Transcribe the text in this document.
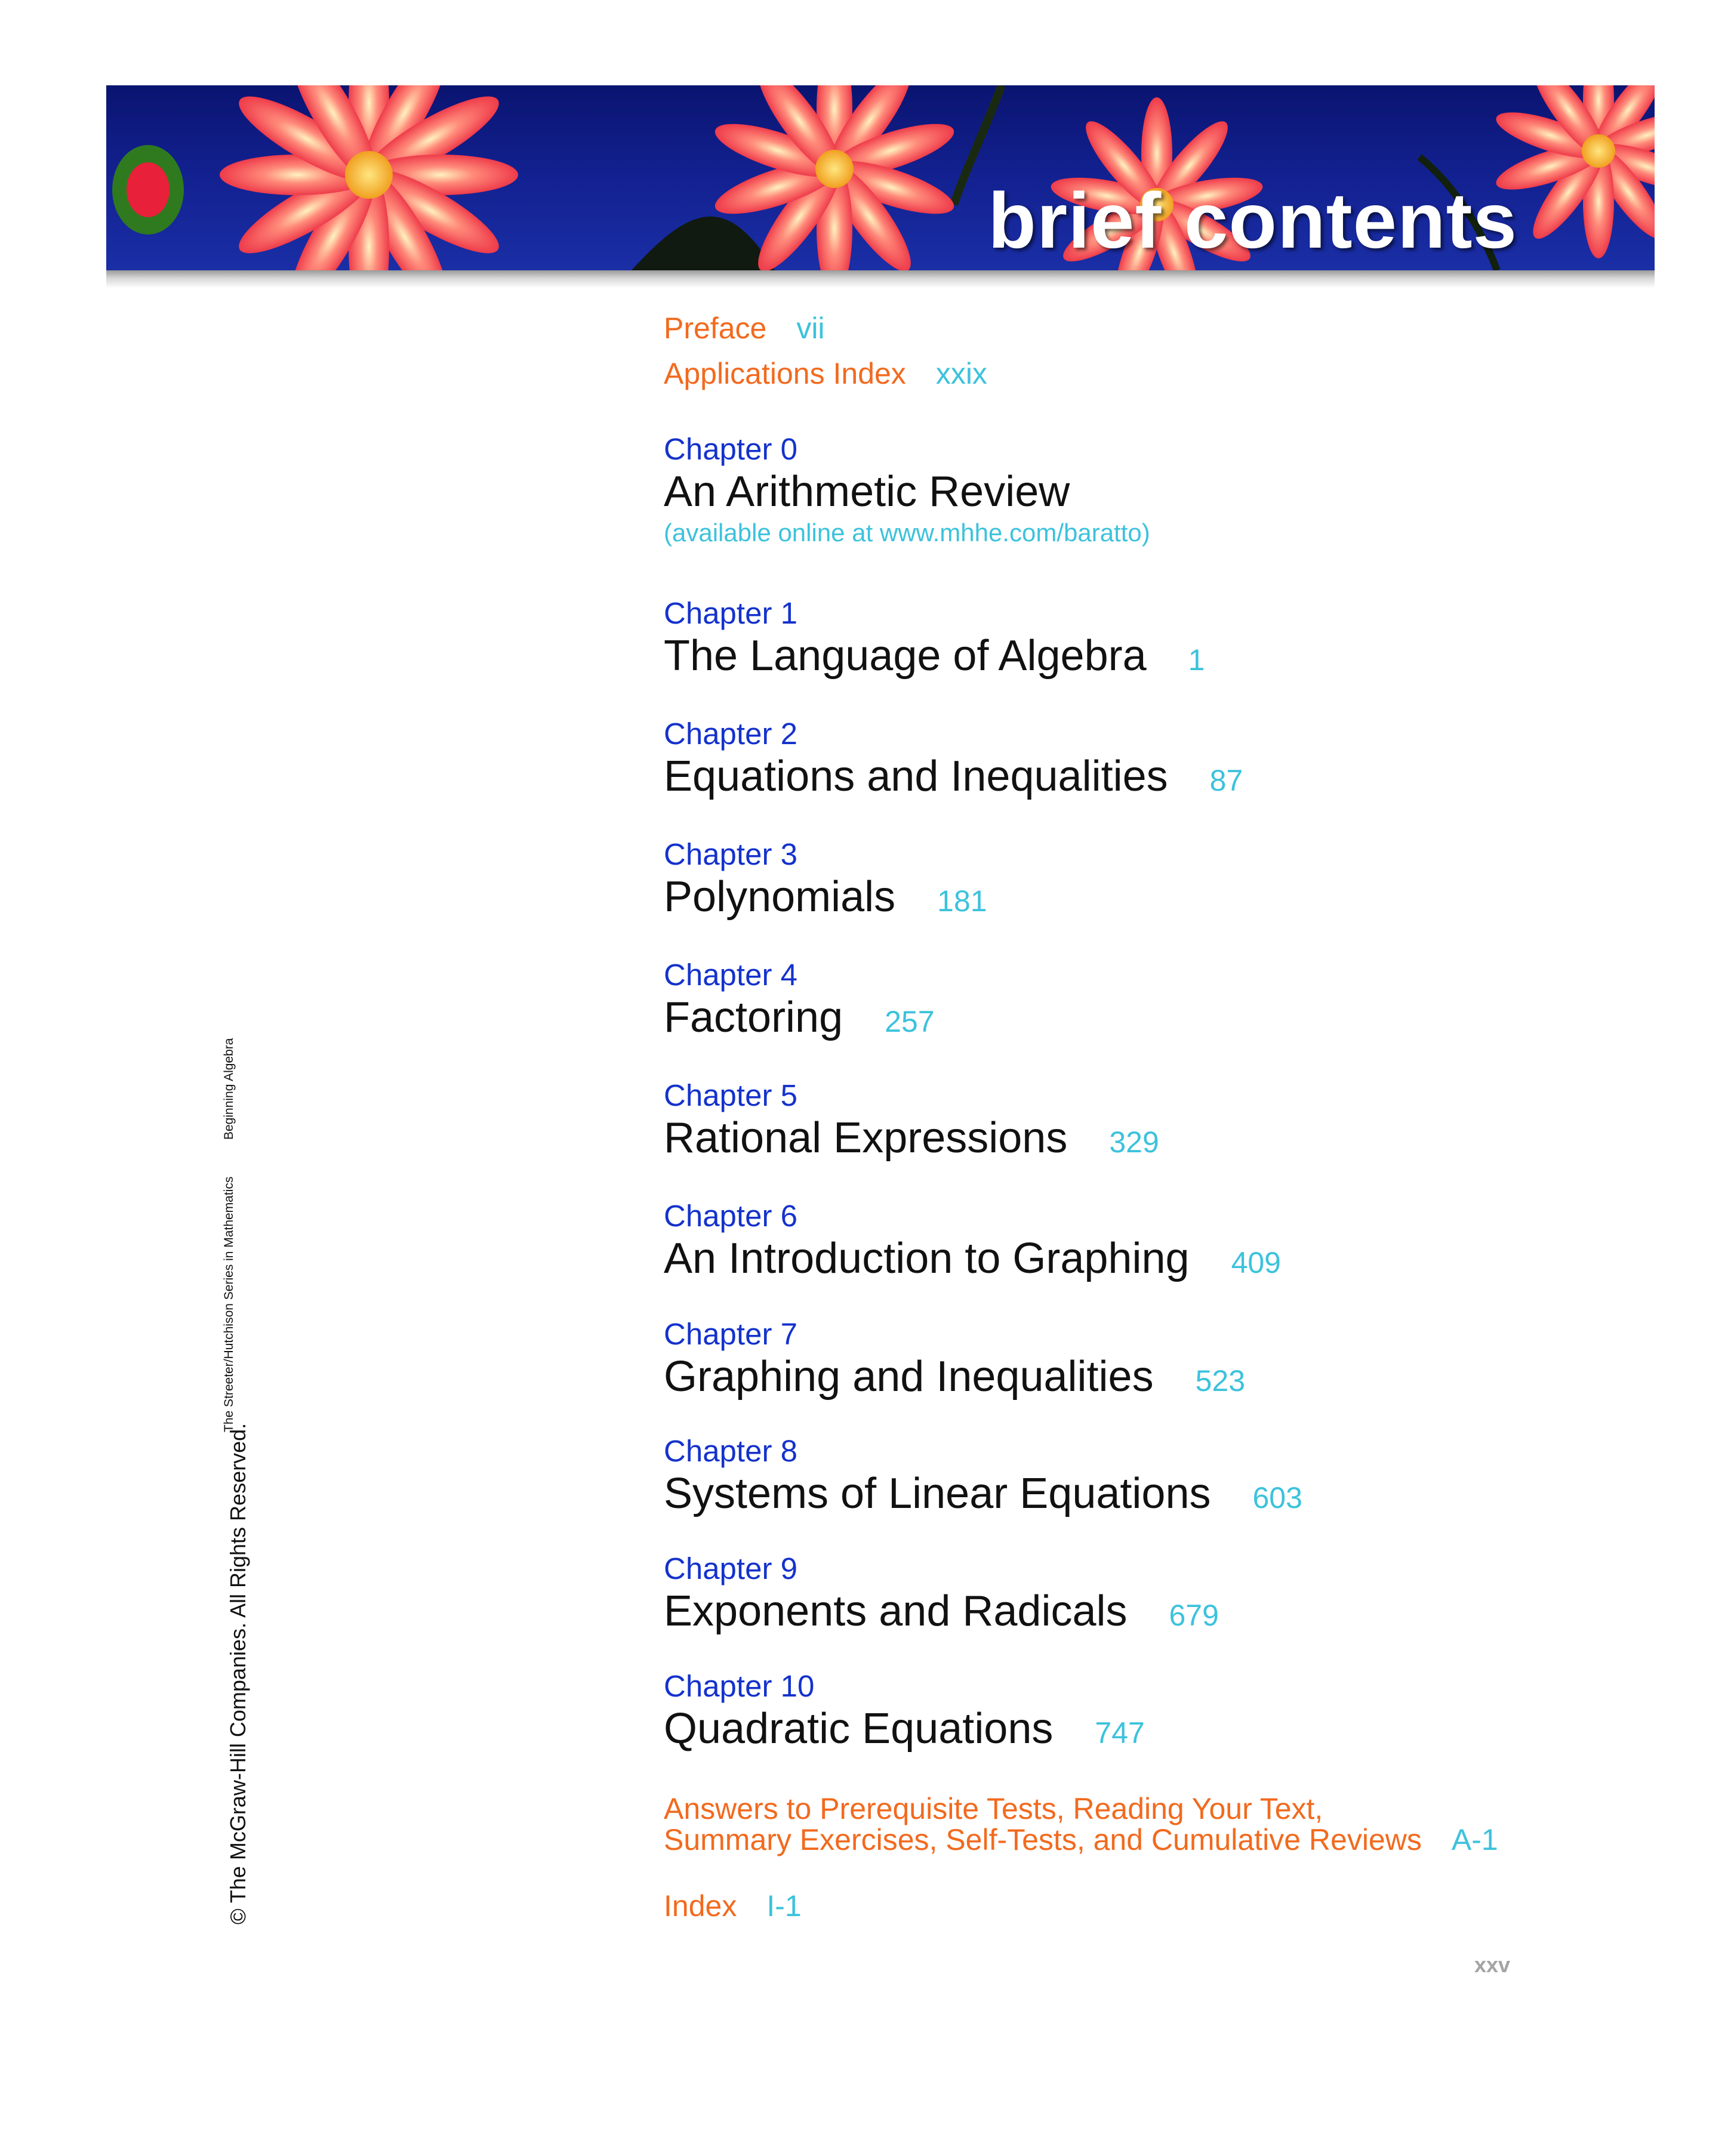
brief contents

Preface vii

Applications Index xxix

Chapter 0

An Arithmetic Review

(available online at www.mhhe.com/baratto)

Chapter 1

The Language of Algebra 1

Chapter 2

Equations and Inequalities 87

Chapter 3

Polynomials 181

Chapter 4

Factoring 257

Chapter 5

Rational Expressions 329

Chapter 6

An Introduction to Graphing 409

Chapter 7

Graphing and Inequalities 523

Chapter 8

Systems of Linear Equations 603

Chapter 9

Exponents and Radicals 679

Chapter 10

Quadratic Equations 747

Answers to Prerequisite Tests, Reading Your Text,

Summary Exercises, Self-Tests, and Cumulative Reviews A-1

Index I-1

© The McGraw-Hill Companies. All Rights Reserved.
The Streeter/Hutchison Series in Mathematics
Beginning Algebra
xxv
